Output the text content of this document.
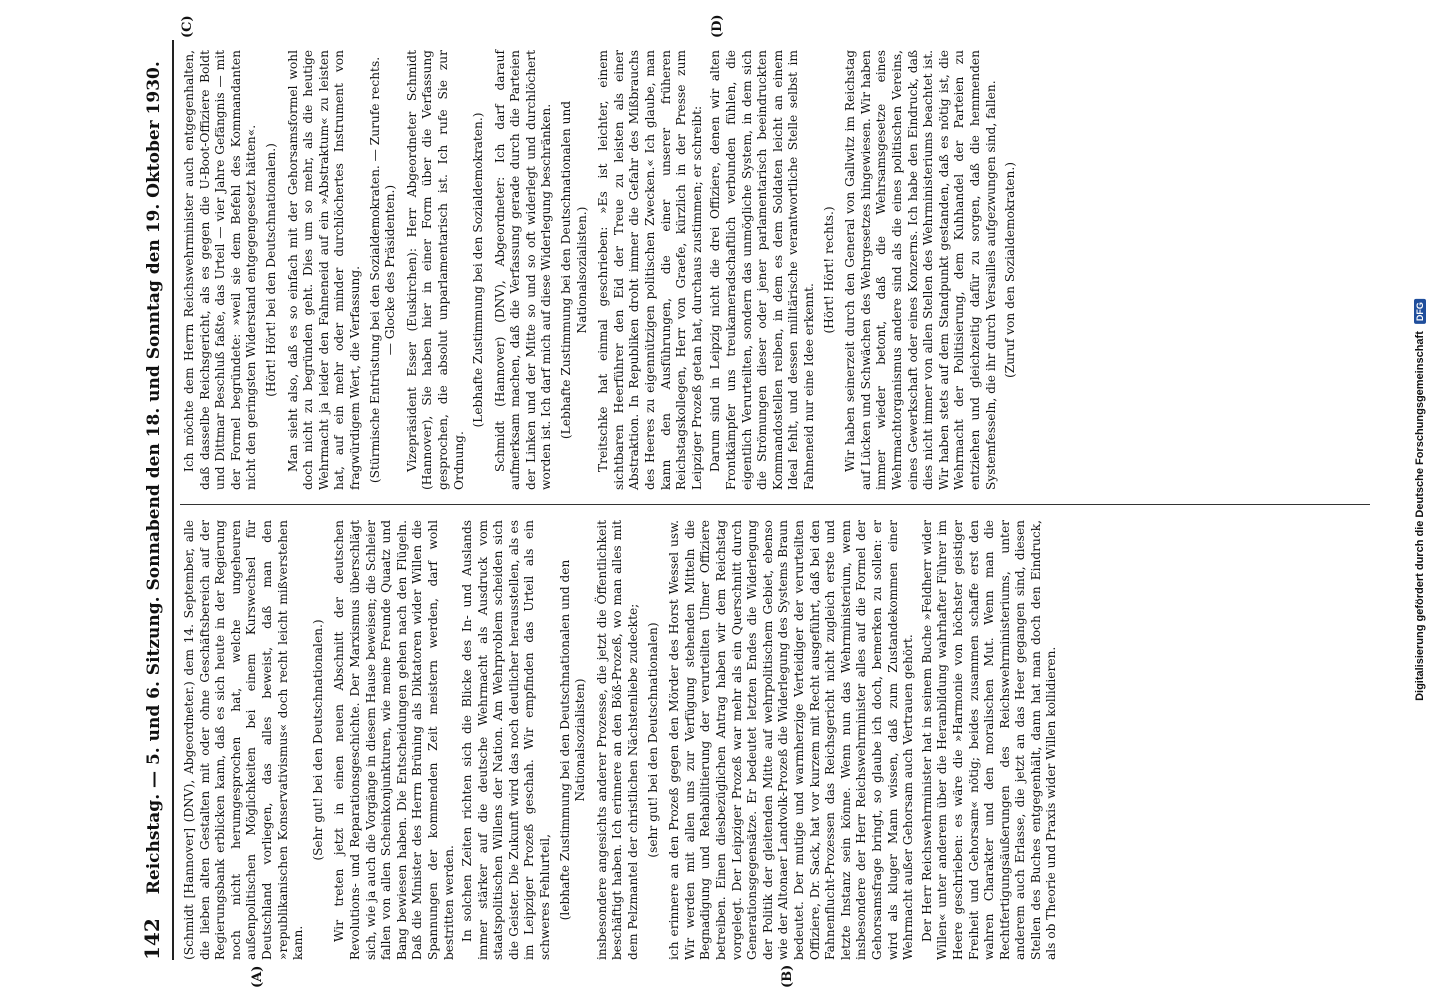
142
Reichstag. — 5. und 6. Sitzung. Sonnabend den 18. und Sonntag den 19. Oktober 1930.
(A)	(B)
(C)	(D)

(Schmidt [Hannover] (DNV), Abgeordneter.) dem 14. September, alle die lieben alten Gestalten mit oder ohne Geschäftsbereich auf der Regierungsbank erblicken kann, daß es sich heute in der Regierung noch nicht herumgesprochen hat, welche ungeheuren außenpolitischen Möglichkeiten bei einem Kurswechsel für Deutschland vorliegen, das alles beweist, daß man den »republikanischen Konservativismus« doch recht leicht mißverstehen kann.

(Sehr gut! bei den Deutschnationalen.) Wir treten jetzt in einen neuen Abschnitt der deutschen Revolutions- und Reparationsgeschichte. Der Marxismus überschlägt sich, wie ja auch die Vorgänge in diesem Hause beweisen; die Schleier fallen von allen Scheinkonjunkturen, wie meine Freunde Quaatz und Bang bewiesen haben. Die Entscheidungen gehen nach den Flügeln. Daß die Minister des Herrn Brüning als Diktatoren wider Willen die Spannungen der kommenden Zeit meistern werden, darf wohl bestritten werden. In solchen Zeiten richten sich die Blicke des In- und Auslands immer stärker auf die deutsche Wehrmacht als Ausdruck vom staatspolitischen Willens der Nation. Am Wehrproblem scheiden sich die Geister. Die Zukunft wird das noch deutlicher herausstellen, als es im Leipziger Prozeß geschah. Wir empfinden das Urteil als ein schweres Fehlurteil, (lebhafte Zustimmung bei den Deutschnationalen und den Nationalsozialisten) insbesondere angesichts anderer Prozesse, die jetzt die Öffentlichkeit beschäftigt haben. Ich erinnere an den Böß-Prozeß, wo man alles mit dem Pelzmantel der christlichen Nächstenliebe zudeckte; (sehr gut! bei den Deutschnationalen) ich erinnere an den Prozeß gegen den Mörder des Horst Wessel usw. Wir werden mit allen uns zur Verfügung stehenden Mitteln die Begnadigung und Rehabilitierung der verurteilten Ulmer Offiziere betreiben. Einen diesbezüglichen Antrag haben wir dem Reichstag vorgelegt. Der Leipziger Prozeß war mehr als ein Querschnitt durch Generationsgegensätze. Er bedeutet letzten Endes die Widerlegung der Politik der gleitenden Mitte auf wehrpolitischem Gebiet, ebenso wie der Altonaer Landvolk-Prozeß die Widerlegung des Systems Braun bedeutet. Der mutige und warmherzige Verteidiger der verurteilten Offiziere, Dr. Sack, hat vor kurzem mit Recht ausgeführt, daß bei den Fahnenflucht-Prozessen das Reichsgericht nicht zugleich erste und letzte Instanz sein könne. Wenn nun das Wehrministerium, wenn insbesondere der Herr Reichswehrminister alles auf die Formel der Gehorsamsfrage bringt, so glaube ich doch, bemerken zu sollen: er wird als kluger Mann wissen, daß zum Zustandekommen einer Wehrmacht außer Gehorsam auch Vertrauen gehört. Der Herr Reichswehrminister hat in seinem Buche »Feldherr wider Willen« unter anderem über die Heranbildung wahrhafter Führer im Heere geschrieben: es wäre die »Harmonie von höchster geistiger Freiheit und Gehorsam« nötig; beides zusammen schaffe erst den wahren Charakter und den moralischen Mut. Wenn man die Rechtfertigungsäußerungen des Reichswehrministeriums, unter anderem auch Erlasse, die jetzt an das Heer gegangen sind, diesen Stellen des Buches entgegenhält, dann hat man doch den Eindruck, als ob Theorie und Praxis wider Willen kollidieren.

Ich möchte dem Herrn Reichswehrminister auch entgegenhalten, daß dasselbe Reichsgericht, als es gegen die U-Boot-Offiziere Boldt und Dittmar Beschluß faßte, das Urteil — vier Jahre Gefängnis — mit der Formel begründete: »weil sie dem Befehl des Kommandanten nicht den geringsten Widerstand entgegengesetzt hätten«. (Hört! Hört! bei den Deutschnationalen.) Man sieht also, daß es so einfach mit der Gehorsamsformel wohl doch nicht zu begründen geht. Dies um so mehr, als die heutige Wehrmacht ja leider den Fahneneid auf ein »Abstraktum« zu leisten hat, auf ein mehr oder minder durchlöchertes Instrument von fragwürdigem Wert, die Verfassung. (Stürmische Entrüstung bei den Sozialdemokraten. — Zurufe rechts. — Glocke des Präsidenten.) Vizepräsident Esser (Euskirchen): Herr Abgeordneter Schmidt (Hannover), Sie haben hier in einer Form über die Verfassung gesprochen, die absolut unparlamentarisch ist. Ich rufe Sie zur Ordnung.

(Lebhafte Zustimmung bei den Sozialdemokraten.) Schmidt (Hannover) (DNV), Abgeordneter: Ich darf darauf aufmerksam machen, daß die Verfassung gerade durch die Parteien der Linken und der Mitte so und so oft widerlegt und durchlöchert worden ist. Ich darf mich auf diese Widerlegung beschränken. (Lebhafte Zustimmung bei den Deutschnationalen und Nationalsozialisten.) Treitschke hat einmal geschrieben: »Es ist leichter, einem sichtbaren Heerführer den Eid der Treue zu leisten als einer Abstraktion. In Republiken droht immer die Gefahr des Mißbrauchs des Heeres zu eigennützigen politischen Zwecken.« Ich glaube, man kann den Ausführungen, die einer unserer früheren Reichstagskollegen, Herr von Graefe, kürzlich in der Presse zum Leipziger Prozeß getan hat, durchaus zustimmen; er schreibt: Darum sind in Leipzig nicht die drei Offiziere, denen wir alten Frontkämpfer uns treukameradschaftlich verbunden fühlen, die eigentlich Verurteilten, sondern das unmögliche System, in dem sich die Strömungen dieser oder jener parlamentarisch beeindruckten Kommandostellen reiben, in dem es dem Soldaten leicht an einem Ideal fehlt, und dessen militärische verantwortliche Stelle selbst im Fahneneid nur eine Idee erkennt.

(Hört! Hört! rechts.) Wir haben seinerzeit durch den General von Gallwitz im Reichstag auf Lücken und Schwächen des Wehrgesetzes hingewiesen. Wir haben immer wieder betont, daß die Wehrsamsgesetze eines Wehrmachtorganismus andere sind als die eines politischen Vereins, eines Gewerkschaft oder eines Konzerns. Ich habe den Eindruck, daß dies nicht immer von allen Stellen des Wehrministeriums beachtet ist. Wir haben stets auf dem Standpunkt gestanden, daß es nötig ist, die Wehrmacht der Politisierung, dem Kuhhandel der Parteien zu entziehen und gleichzeitig dafür zu sorgen, daß die hemmenden Systemfesseln, die ihr durch Versailles aufgezwungen sind, fallen. (Zuruf von den Sozialdemokraten.)

Digitalisierung gefördert durch die Deutsche Forschungsgemeinschaft DFG
